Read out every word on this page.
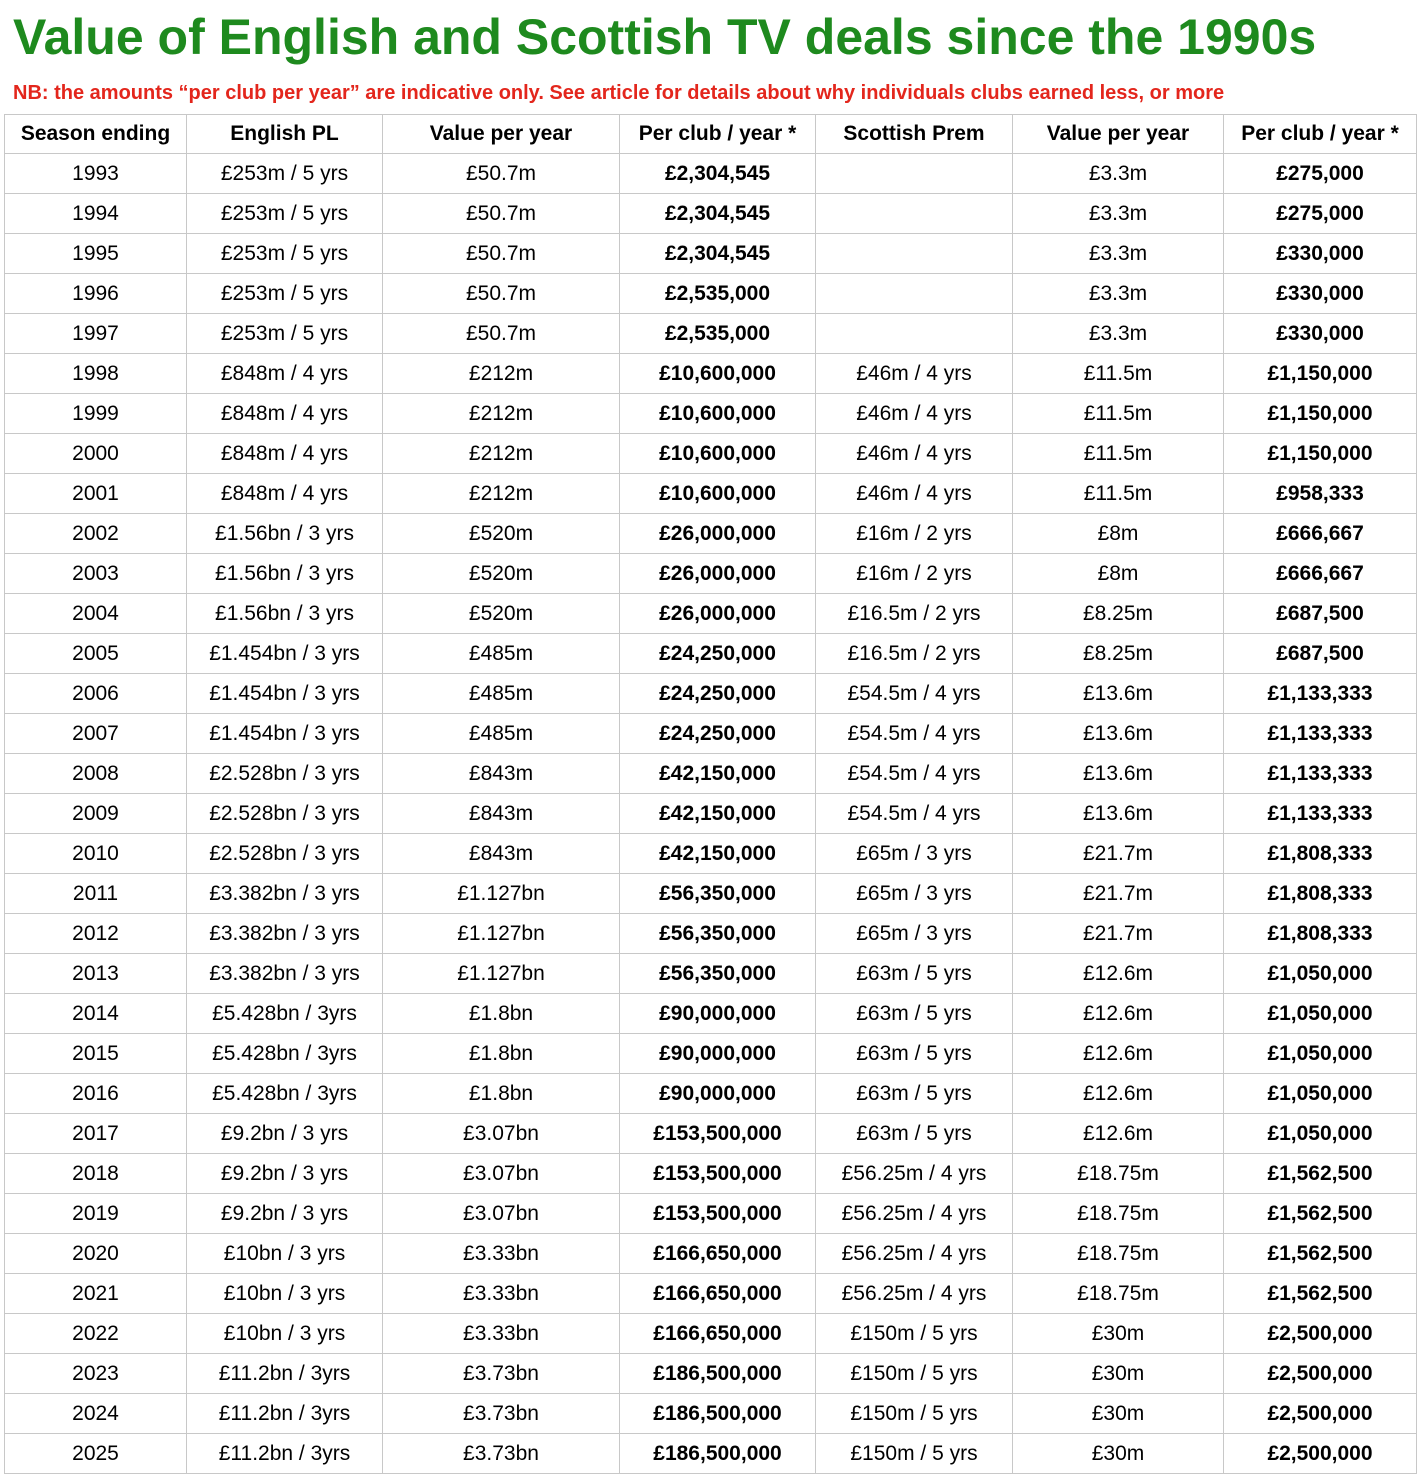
Value of English and Scottish TV deals since the 1990s

NB: the amounts “per club per year” are indicative only. See article for details about why individuals clubs earned less, or more

Season ending	English PL	Value per year	Per club / year *	Scottish Prem	Value per year	Per club / year *
1993	£253m / 5 yrs	£50.7m	£2,304,545		£3.3m	£275,000
1994	£253m / 5 yrs	£50.7m	£2,304,545		£3.3m	£275,000
1995	£253m / 5 yrs	£50.7m	£2,304,545		£3.3m	£330,000
1996	£253m / 5 yrs	£50.7m	£2,535,000		£3.3m	£330,000
1997	£253m / 5 yrs	£50.7m	£2,535,000		£3.3m	£330,000
1998	£848m / 4 yrs	£212m	£10,600,000	£46m / 4 yrs	£11.5m	£1,150,000
1999	£848m / 4 yrs	£212m	£10,600,000	£46m / 4 yrs	£11.5m	£1,150,000
2000	£848m / 4 yrs	£212m	£10,600,000	£46m / 4 yrs	£11.5m	£1,150,000
2001	£848m / 4 yrs	£212m	£10,600,000	£46m / 4 yrs	£11.5m	£958,333
2002	£1.56bn / 3 yrs	£520m	£26,000,000	£16m / 2 yrs	£8m	£666,667
2003	£1.56bn / 3 yrs	£520m	£26,000,000	£16m / 2 yrs	£8m	£666,667
2004	£1.56bn / 3 yrs	£520m	£26,000,000	£16.5m / 2 yrs	£8.25m	£687,500
2005	£1.454bn / 3 yrs	£485m	£24,250,000	£16.5m / 2 yrs	£8.25m	£687,500
2006	£1.454bn / 3 yrs	£485m	£24,250,000	£54.5m / 4 yrs	£13.6m	£1,133,333
2007	£1.454bn / 3 yrs	£485m	£24,250,000	£54.5m / 4 yrs	£13.6m	£1,133,333
2008	£2.528bn / 3 yrs	£843m	£42,150,000	£54.5m / 4 yrs	£13.6m	£1,133,333
2009	£2.528bn / 3 yrs	£843m	£42,150,000	£54.5m / 4 yrs	£13.6m	£1,133,333
2010	£2.528bn / 3 yrs	£843m	£42,150,000	£65m / 3 yrs	£21.7m	£1,808,333
2011	£3.382bn / 3 yrs	£1.127bn	£56,350,000	£65m / 3 yrs	£21.7m	£1,808,333
2012	£3.382bn / 3 yrs	£1.127bn	£56,350,000	£65m / 3 yrs	£21.7m	£1,808,333
2013	£3.382bn / 3 yrs	£1.127bn	£56,350,000	£63m / 5 yrs	£12.6m	£1,050,000
2014	£5.428bn / 3yrs	£1.8bn	£90,000,000	£63m / 5 yrs	£12.6m	£1,050,000
2015	£5.428bn / 3yrs	£1.8bn	£90,000,000	£63m / 5 yrs	£12.6m	£1,050,000
2016	£5.428bn / 3yrs	£1.8bn	£90,000,000	£63m / 5 yrs	£12.6m	£1,050,000
2017	£9.2bn / 3 yrs	£3.07bn	£153,500,000	£63m / 5 yrs	£12.6m	£1,050,000
2018	£9.2bn / 3 yrs	£3.07bn	£153,500,000	£56.25m / 4 yrs	£18.75m	£1,562,500
2019	£9.2bn / 3 yrs	£3.07bn	£153,500,000	£56.25m / 4 yrs	£18.75m	£1,562,500
2020	£10bn / 3 yrs	£3.33bn	£166,650,000	£56.25m / 4 yrs	£18.75m	£1,562,500
2021	£10bn / 3 yrs	£3.33bn	£166,650,000	£56.25m / 4 yrs	£18.75m	£1,562,500
2022	£10bn / 3 yrs	£3.33bn	£166,650,000	£150m / 5 yrs	£30m	£2,500,000
2023	£11.2bn / 3yrs	£3.73bn	£186,500,000	£150m / 5 yrs	£30m	£2,500,000
2024	£11.2bn / 3yrs	£3.73bn	£186,500,000	£150m / 5 yrs	£30m	£2,500,000
2025	£11.2bn / 3yrs	£3.73bn	£186,500,000	£150m / 5 yrs	£30m	£2,500,000
